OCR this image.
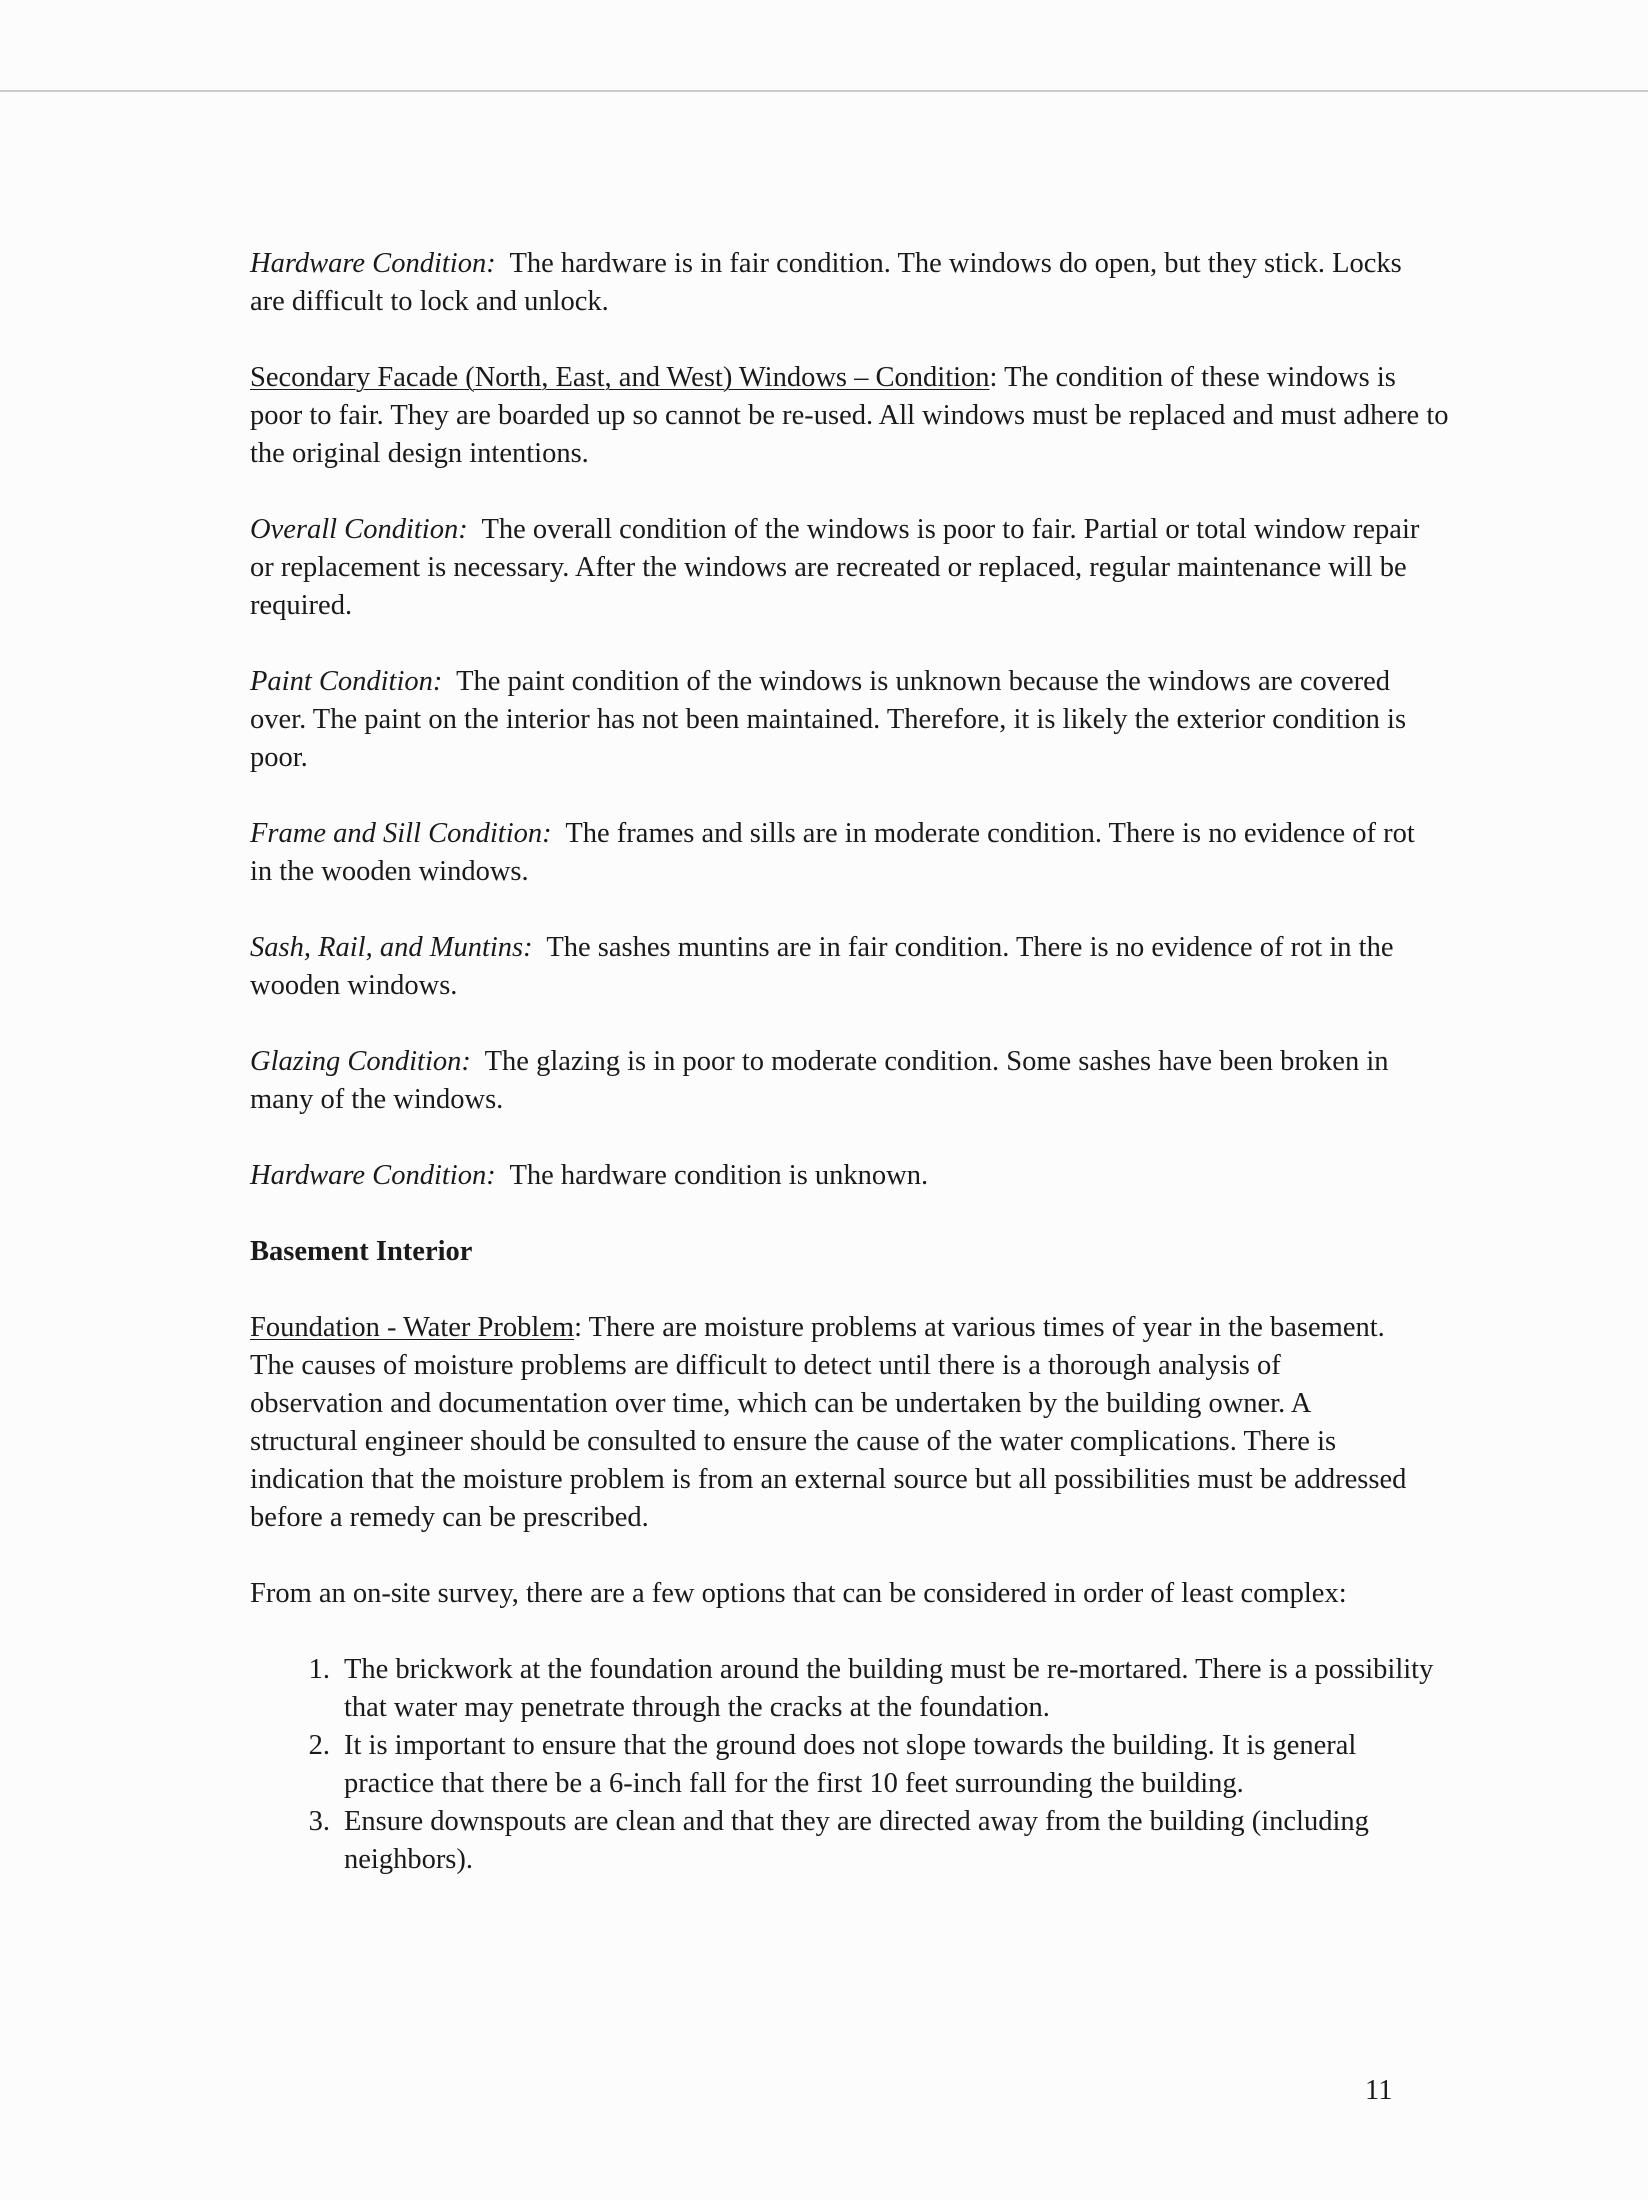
Hardware Condition: The hardware is in fair condition. The windows do open, but they stick. Locks are difficult to lock and unlock.

Secondary Facade (North, East, and West) Windows – Condition: The condition of these windows is poor to fair. They are boarded up so cannot be re-used. All windows must be replaced and must adhere to the original design intentions.

Overall Condition: The overall condition of the windows is poor to fair. Partial or total window repair or replacement is necessary. After the windows are recreated or replaced, regular maintenance will be required.

Paint Condition: The paint condition of the windows is unknown because the windows are covered over. The paint on the interior has not been maintained. Therefore, it is likely the exterior condition is poor.

Frame and Sill Condition: The frames and sills are in moderate condition. There is no evidence of rot in the wooden windows.

Sash, Rail, and Muntins: The sashes muntins are in fair condition. There is no evidence of rot in the wooden windows.

Glazing Condition: The glazing is in poor to moderate condition. Some sashes have been broken in many of the windows.

Hardware Condition: The hardware condition is unknown.

Basement Interior

Foundation - Water Problem: There are moisture problems at various times of year in the basement. The causes of moisture problems are difficult to detect until there is a thorough analysis of observation and documentation over time, which can be undertaken by the building owner. A structural engineer should be consulted to ensure the cause of the water complications. There is indication that the moisture problem is from an external source but all possibilities must be addressed before a remedy can be prescribed.

From an on-site survey, there are a few options that can be considered in order of least complex:

1. The brickwork at the foundation around the building must be re-mortared. There is a possibility that water may penetrate through the cracks at the foundation.
2. It is important to ensure that the ground does not slope towards the building. It is general practice that there be a 6-inch fall for the first 10 feet surrounding the building.
3. Ensure downspouts are clean and that they are directed away from the building (including neighbors).
11
